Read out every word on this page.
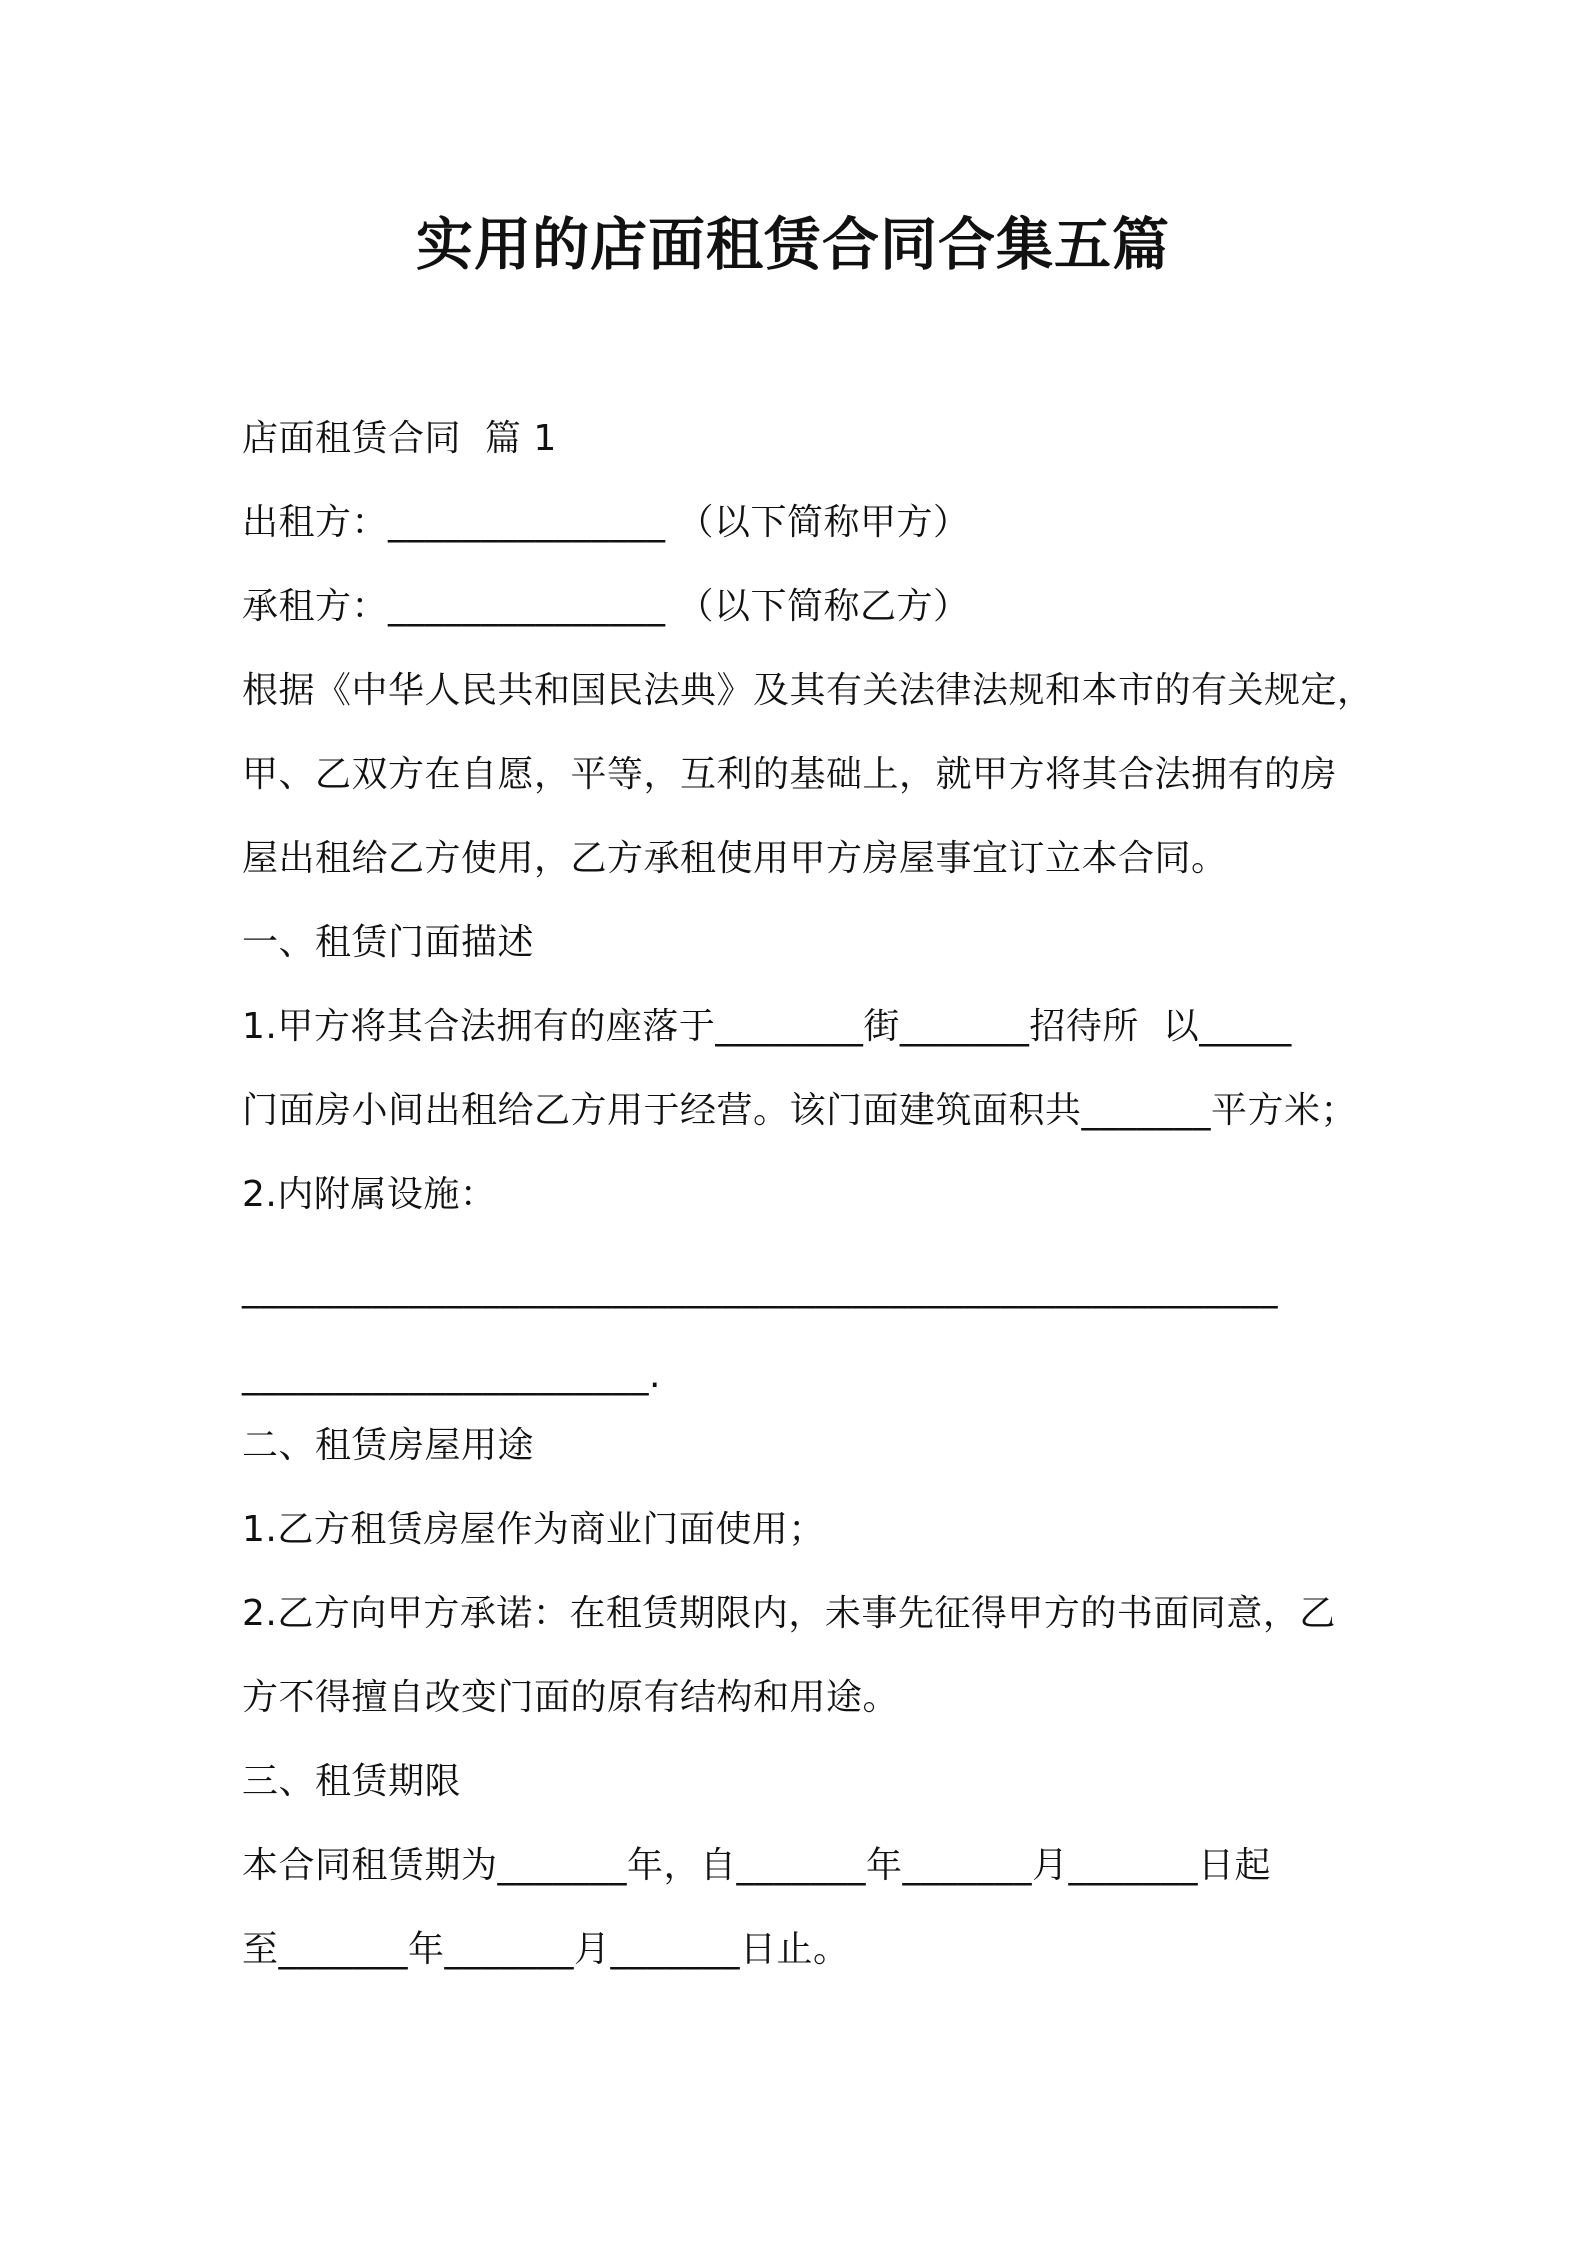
实用的店面租赁合同合集五篇
店面租赁合同  篇 1
出租方：_______________ （以下简称甲方）
承租方：_______________ （以下简称乙方）
根据《中华人民共和国民法典》及其有关法律法规和本市的有关规定，
甲、乙双方在自愿，平等，互利的基础上，就甲方将其合法拥有的房
屋出租给乙方使用，乙方承租使用甲方房屋事宜订立本合同。
一、租赁门面描述
1.甲方将其合法拥有的座落于________街_______招待所  以_____
门面房小间出租给乙方用于经营。该门面建筑面积共_______平方米；
2.内附属设施：
________________________________________________________
______________________.
二、租赁房屋用途
1.乙方租赁房屋作为商业门面使用；
2.乙方向甲方承诺：在租赁期限内，未事先征得甲方的书面同意，乙
方不得擅自改变门面的原有结构和用途。
三、租赁期限
本合同租赁期为_______年，自_______年_______月_______日起
至_______年_______月_______日止。
